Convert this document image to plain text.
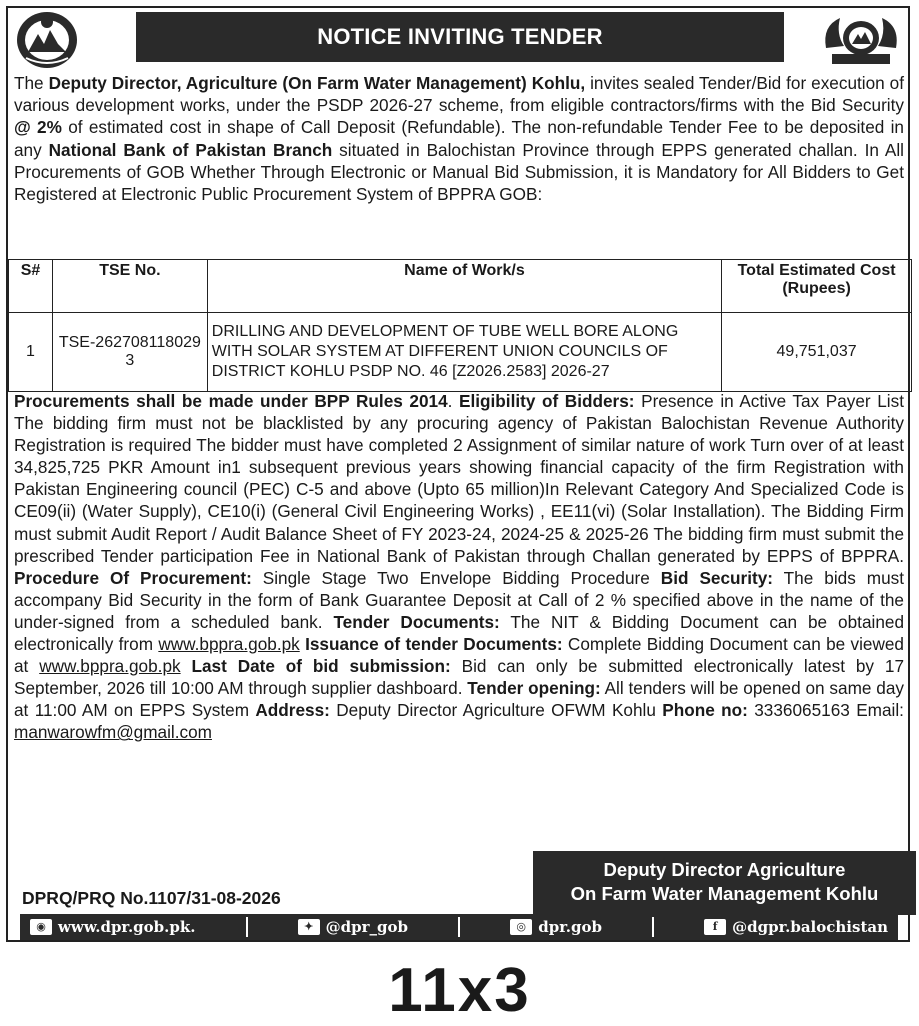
NOTICE INVITING TENDER
The Deputy Director, Agriculture (On Farm Water Management) Kohlu, invites sealed Tender/Bid for execution of various development works, under the PSDP 2026-27 scheme, from eligible contractors/firms with the Bid Security @ 2% of estimated cost in shape of Call Deposit (Refundable). The non-refundable Tender Fee to be deposited in any National Bank of Pakistan Branch situated in Balochistan Province through EPPS generated challan. In All Procurements of GOB Whether Through Electronic or Manual Bid Submission, it is Mandatory for All Bidders to Get Registered at Electronic Public Procurement System of BPPRA GOB:
S#	TSE No.	Name of Work/s	Total Estimated Cost (Rupees)
1	TSE-2627081180293	DRILLING AND DEVELOPMENT OF TUBE WELL BORE ALONG WITH SOLAR SYSTEM AT DIFFERENT UNION COUNCILS OF DISTRICT KOHLU PSDP NO. 46 [Z2026.2583] 2026-27	49,751,037
Procurements shall be made under BPP Rules 2014. Eligibility of Bidders: Presence in Active Tax Payer List The bidding firm must not be blacklisted by any procuring agency of Pakistan Balochistan Revenue Authority Registration is required The bidder must have completed 2 Assignment of similar nature of work Turn over of at least 34,825,725 PKR Amount in1 subsequent previous years showing financial capacity of the firm Registration with Pakistan Engineering council (PEC) C-5 and above (Upto 65 million)In Relevant Category And Specialized Code is CE09(ii) (Water Supply), CE10(i) (General Civil Engineering Works) , EE11(vi) (Solar Installation). The Bidding Firm must submit Audit Report / Audit Balance Sheet of FY 2023-24, 2024-25 & 2025-26 The bidding firm must submit the prescribed Tender participation Fee in National Bank of Pakistan through Challan generated by EPPS of BPPRA. Procedure Of Procurement: Single Stage Two Envelope Bidding Procedure Bid Security: The bids must accompany Bid Security in the form of Bank Guarantee Deposit at Call of 2 % specified above in the name of the under-signed from a scheduled bank. Tender Documents: The NIT & Bidding Document can be obtained electronically from www.bppra.gob.pk Issuance of tender Documents: Complete Bidding Document can be viewed at www.bppra.gob.pk Last Date of bid submission: Bid can only be submitted electronically latest by 17 September, 2026 till 10:00 AM through supplier dashboard. Tender opening: All tenders will be opened on same day at 11:00 AM on EPPS System Address: Deputy Director Agriculture OFWM Kohlu Phone no: 3336065163 Email: manwarowfm@gmail.com
Deputy Director Agriculture
On Farm Water Management Kohlu
DPRQ/PRQ No.1107/31-08-2026
◉ www.dpr.gob.pk.	✦ @dpr_gob	◎ dpr.gob	f @dgpr.balochistan
11x3
